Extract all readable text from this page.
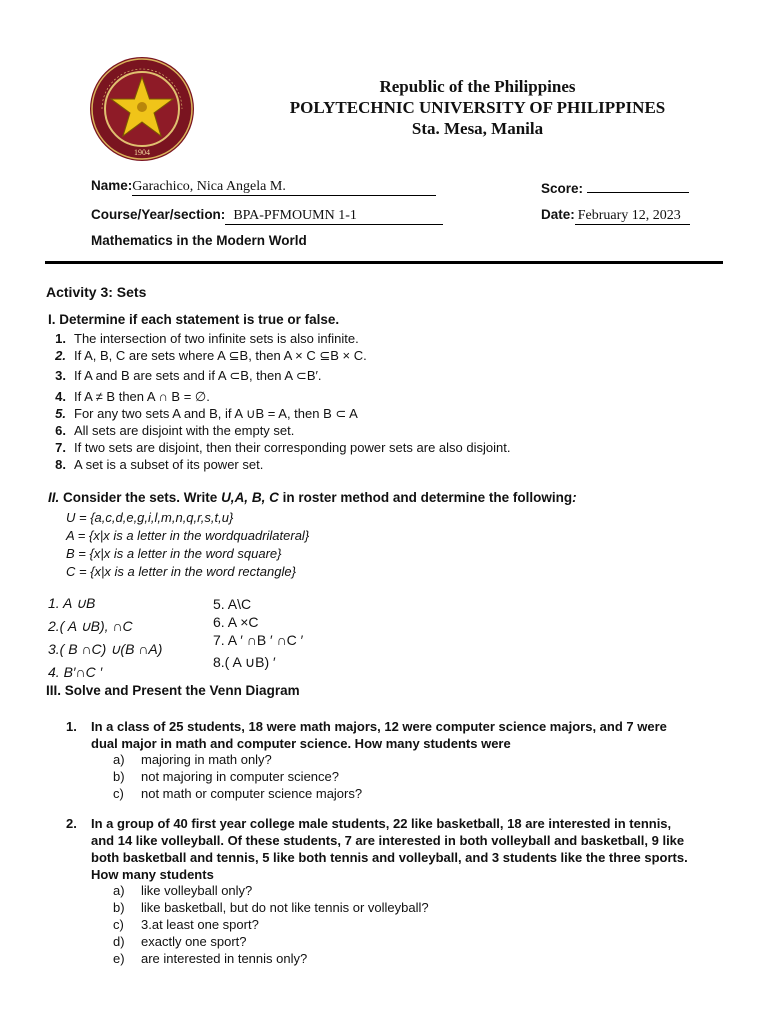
1904
Republic of the Philippines
POLYTECHNIC UNIVERSITY OF PHILIPPINES
Sta. Mesa, Manila
Name:Garachico, Nica Angela M.	Score:
Course/Year/section: BPA-PFMOUMN 1-1	Date: February 12, 2023
Mathematics in the Modern World
Activity 3: Sets
I. Determine if each statement is true or false.
1. The intersection of two infinite sets is also infinite.
2. If A, B, C are sets where A ⊆B, then A × C ⊆B × C.
3. If A and B are sets and if A ⊂B, then A ⊂B′.
4. If A ≠ B then A ∩ B = ∅.
5. For any two sets A and B, if A ∪B = A, then B ⊂ A
6. All sets are disjoint with the empty set.
7. If two sets are disjoint, then their corresponding power sets are also disjoint.
8. A set is a subset of its power set.
II. Consider the sets. Write U,A, B, C in roster method and determine the following:
U = {a,c,d,e,g,i,l,m,n,q,r,s,t,u}
A = {x|x is a letter in the wordquadrilateral}
B = {x|x is a letter in the word square}
C = {x|x is a letter in the word rectangle}
1. A ∪B
2.( A ∪B), ∩C
3.( B ∩C) ∪(B ∩A)
4. B′∩C ′
5. A\C
6. A ×C
7. A ′ ∩B ′ ∩C ′
8.( A ∪B) ′
III. Solve and Present the Venn Diagram
1. In a class of 25 students, 18 were math majors, 12 were computer science majors, and 7 were
dual major in math and computer science. How many students were
a) majoring in math only?
b) not majoring in computer science?
c) not math or computer science majors?
2. In a group of 40 first year college male students, 22 like basketball, 18 are interested in tennis,
and 14 like volleyball. Of these students, 7 are interested in both volleyball and basketball, 9 like
both basketball and tennis, 5 like both tennis and volleyball, and 3 students like the three sports.
How many students
a) like volleyball only?
b) like basketball, but do not like tennis or volleyball?
c) 3.at least one sport?
d) exactly one sport?
e) are interested in tennis only?
